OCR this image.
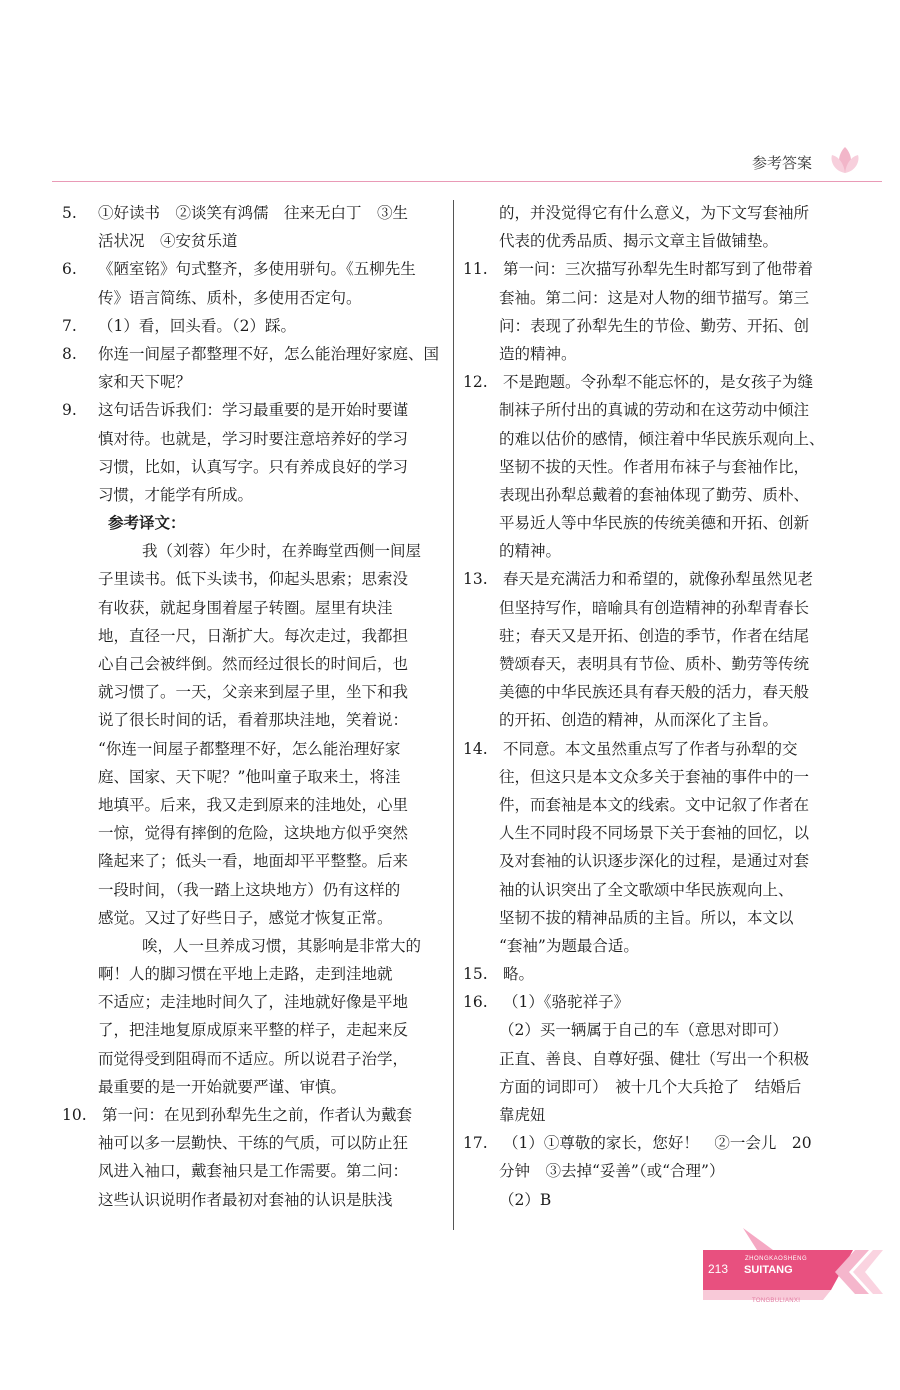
参考答案
5. ①好读书　②谈笑有鸿儒　往来无白丁　③生
活状况　④安贫乐道
6. 《陋室铭》句式整齐，多使用骈句。《五柳先生
传》语言简练、质朴，多使用否定句。
7. （1）看，回头看。（2）踩。
8. 你连一间屋子都整理不好，怎么能治理好家庭、国
家和天下呢？
9. 这句话告诉我们：学习最重要的是开始时要谨
慎对待。也就是，学习时要注意培养好的学习
习惯，比如，认真写字。只有养成良好的学习
习惯，才能学有所成。
参考译文：
我（刘蓉）年少时，在养晦堂西侧一间屋
子里读书。低下头读书，仰起头思索；思索没
有收获，就起身围着屋子转圈。屋里有块洼
地，直径一尺，日渐扩大。每次走过，我都担
心自己会被绊倒。然而经过很长的时间后，也
就习惯了。一天，父亲来到屋子里，坐下和我
说了很长时间的话，看着那块洼地，笑着说：
“你连一间屋子都整理不好，怎么能治理好家
庭、国家、天下呢？”他叫童子取来土，将洼
地填平。后来，我又走到原来的洼地处，心里
一惊，觉得有摔倒的危险，这块地方似乎突然
隆起来了；低头一看，地面却平平整整。后来
一段时间，（我一踏上这块地方）仍有这样的
感觉。又过了好些日子，感觉才恢复正常。
唉，人一旦养成习惯，其影响是非常大的
啊！人的脚习惯在平地上走路，走到洼地就
不适应；走洼地时间久了，洼地就好像是平地
了，把洼地复原成原来平整的样子，走起来反
而觉得受到阻碍而不适应。所以说君子治学，
最重要的是一开始就要严谨、审慎。
10. 第一问：在见到孙犁先生之前，作者认为戴套
袖可以多一层勤快、干练的气质，可以防止狂
风进入袖口，戴套袖只是工作需要。第二问：
这些认识说明作者最初对套袖的认识是肤浅
的，并没觉得它有什么意义，为下文写套袖所
代表的优秀品质、揭示文章主旨做铺垫。
11. 第一问：三次描写孙犁先生时都写到了他带着
套袖。第二问：这是对人物的细节描写。第三
问：表现了孙犁先生的节俭、勤劳、开拓、创
造的精神。
12. 不是跑题。令孙犁不能忘怀的，是女孩子为缝
制袜子所付出的真诚的劳动和在这劳动中倾注
的难以估价的感情，倾注着中华民族乐观向上、
坚韧不拔的天性。作者用布袜子与套袖作比，
表现出孙犁总戴着的套袖体现了勤劳、质朴、
平易近人等中华民族的传统美德和开拓、创新
的精神。
13. 春天是充满活力和希望的，就像孙犁虽然见老
但坚持写作，暗喻具有创造精神的孙犁青春长
驻；春天又是开拓、创造的季节，作者在结尾
赞颂春天，表明具有节俭、质朴、勤劳等传统
美德的中华民族还具有春天般的活力，春天般
的开拓、创造的精神，从而深化了主旨。
14. 不同意。本文虽然重点写了作者与孙犁的交
往，但这只是本文众多关于套袖的事件中的一
件，而套袖是本文的线索。文中记叙了作者在
人生不同时段不同场景下关于套袖的回忆，以
及对套袖的认识逐步深化的过程，是通过对套
袖的认识突出了全文歌颂中华民族观向上、
坚韧不拔的精神品质的主旨。所以，本文以
“套袖”为题最合适。
15. 略。
16. （1）《骆驼祥子》
（2）买一辆属于自己的车（意思对即可）
正直、善良、自尊好强、健壮（写出一个积极
方面的词即可）　被十几个大兵抢了　结婚后
靠虎妞
17. （1）①尊敬的家长，您好！　②一会儿　20
分钟　③去掉“妥善”（或“合理”）
（2）B
213
ZHONGKAOSHENG
SUITANG
TONGBULIANXI
